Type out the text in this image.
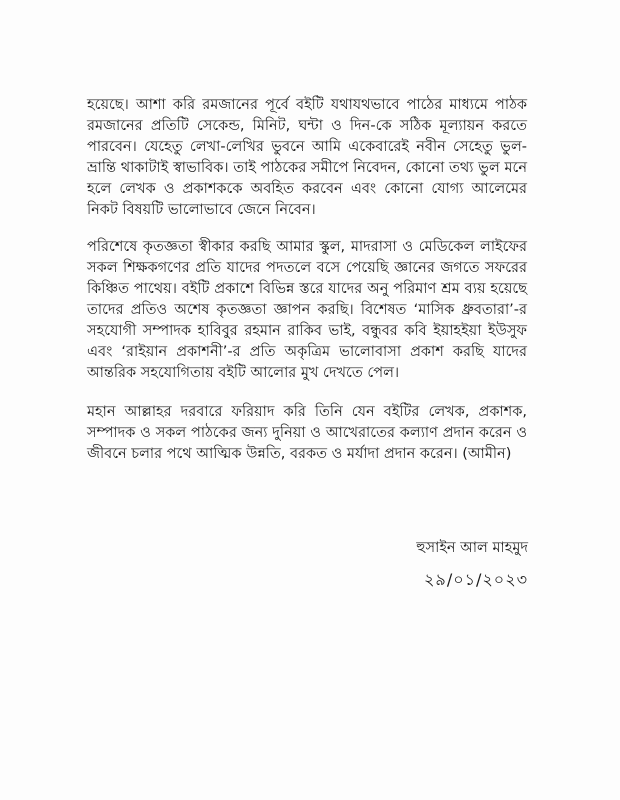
হয়েছে। আশা করি রমজানের পূর্বে বইটি যথাযথভাবে পাঠের মাধ্যমে পাঠক রমজানের প্রতিটি সেকেন্ড, মিনিট, ঘন্টা ও দিন-কে সঠিক মূল্যায়ন করতে পারবেন। যেহেতু লেখা-লেখির ভুবনে আমি একেবারেই নবীন সেহেতু ভুল-ভ্রান্তি থাকাটাই স্বাভাবিক। তাই পাঠকের সমীপে নিবেদন, কোনো তথ্য ভুল মনে হলে লেখক ও প্রকাশককে অবহিত করবেন এবং কোনো যোগ্য আলেমের নিকট বিষয়টি ভালোভাবে জেনে নিবেন।

পরিশেষে কৃতজ্ঞতা স্বীকার করছি আমার স্কুল, মাদরাসা ও মেডিকেল লাইফের সকল শিক্ষকগণের প্রতি যাদের পদতলে বসে পেয়েছি জ্ঞানের জগতে সফরের কিঞ্চিত পাথেয়। বইটি প্রকাশে বিভিন্ন স্তরে যাদের অনু পরিমাণ শ্রম ব্যয় হয়েছে তাদের প্রতিও অশেষ কৃতজ্ঞতা জ্ঞাপন করছি। বিশেষত ‘মাসিক ধ্রুবতারা’-র সহযোগী সম্পাদক হাবিবুর রহমান রাকিব ভাই, বন্ধুবর কবি ইয়াহইয়া ইউসুফ এবং ‘রাইয়ান প্রকাশনী’-র প্রতি অকৃত্রিম ভালোবাসা প্রকাশ করছি যাদের আন্তরিক সহযোগিতায় বইটি আলোর মুখ দেখতে পেল।

মহান আল্লাহর দরবারে ফরিয়াদ করি তিনি যেন বইটির লেখক, প্রকাশক, সম্পাদক ও সকল পাঠকের জন্য দুনিয়া ও আখেরাতের কল্যাণ প্রদান করেন ও জীবনে চলার পথে আত্মিক উন্নতি, বরকত ও মর্যাদা প্রদান করেন। (আমীন)

হুসাইন আল মাহমুদ

২৯/০১/২০২৩
